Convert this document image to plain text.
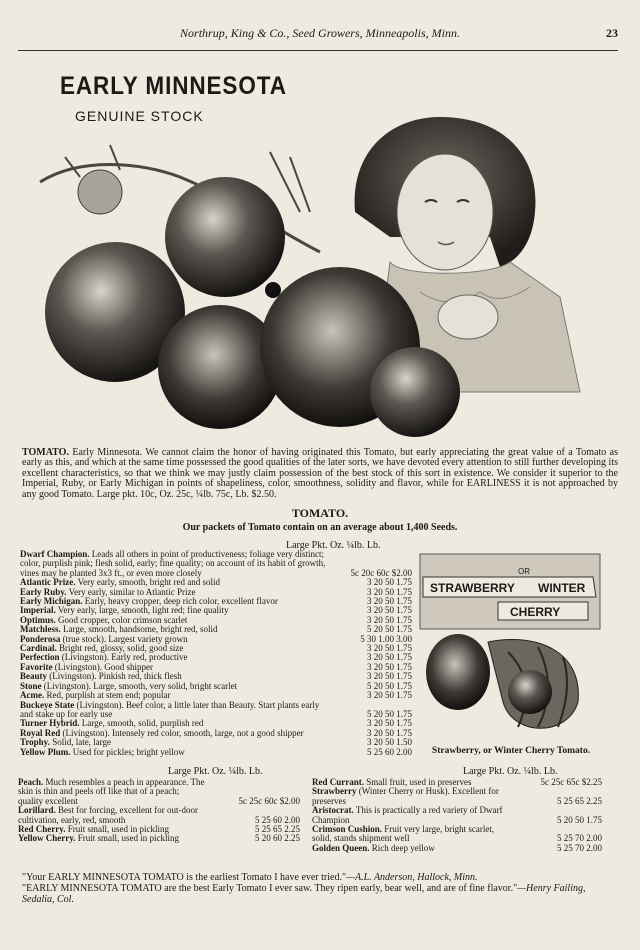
Northrup, King & Co., Seed Growers, Minneapolis, Minn.	23
EARLY MINNESOTA
GENUINE STOCK
TOMATO. Early Minnesota. We cannot claim the honor of having originated this Tomato, but early appreciating the great value of a Tomato as early as this, and which at the same time possessed the good qualities of the later sorts, we have devoted every attention to still further developing its excellent characteristics, so that we think we may justly claim possession of the best stock of this sort in existence. We consider it superior to the Imperial, Ruby, or Early Michigan in points of shapeliness, color, smoothness, solidity and flavor, while for EARLINESS it is not approached by any good Tomato. Large pkt. 10c, Oz. 25c, ¼lb. 75c, Lb. $2.50.
TOMATO.
Our packets of Tomato contain on an average about 1,400 Seeds.
Large Pkt. Oz. ¼lb. Lb.
Dwarf Champion. Leads all others in point of productiveness; foliage very distinct; color, purplish pink; flesh solid, early; fine quality; on account of its habit of growth, vines may be planted 3x3 ft., or even more closely	5c 20c 60c $2.00
Atlantic Prize. Very early, smooth, bright red and solid	3 20 50 1.75
Early Ruby. Very early, similar to Atlantic Prize	3 20 50 1.75
Early Michigan. Early, heavy cropper, deep rich color, excellent flavor	3 20 50 1.75
Imperial. Very early, large, smooth, light red; fine quality	3 20 50 1.75
Optimus. Good cropper, color crimson scarlet	3 20 50 1.75
Matchless. Large, smooth, handsome, bright red, solid	5 20 50 1.75
Ponderosa (true stock). Largest variety grown	5 30 1.00 3.00
Cardinal. Bright red, glossy, solid, good size	3 20 50 1.75
Perfection (Livingston). Early red, productive	3 20 50 1.75
Favorite (Livingston). Good shipper	3 20 50 1.75
Beauty (Livingston). Pinkish red, thick flesh	3 20 50 1.75
Stone (Livingston). Large, smooth, very solid, bright scarlet	5 20 50 1.75
Acme. Red, purplish at stem end; popular	3 20 50 1.75
Buckeye State (Livingston). Beef color, a little later than Beauty. Start plants early and stake up for early use	5 20 50 1.75
Turner Hybrid. Large, smooth, solid, purplish red	3 20 50 1.75
Royal Red (Livingston). Intensely red color, smooth, large, not a good shipper	3 20 50 1.75
Trophy. Solid, late, large	3 20 50 1.50
Yellow Plum. Used for pickles; bright yellow	5 25 60 2.00
STRAWBERRY
OR
WINTER
CHERRY
Strawberry, or Winter Cherry Tomato.
Large Pkt. Oz. ¼lb. Lb.	Large Pkt. Oz. ¼lb. Lb.
Peach. Much resembles a peach in appearance. The skin is thin and peels off like that of a peach; quality excellent	5c 25c 60c $2.00
Lorillard. Best for forcing, excellent for out-door cultivation, early, red, smooth	5 25 60 2.00
Red Cherry. Fruit small, used in pickling	5 25 65 2.25
Yellow Cherry. Fruit small, used in pickling	5 20 60 2.25
Red Currant. Small fruit, used in preserves	5c 25c 65c $2.25
Strawberry (Winter Cherry or Husk). Excellent for preserves	5 25 65 2.25
Aristocrat. This is practically a red variety of Dwarf Champion	5 20 50 1.75
Crimson Cushion. Fruit very large, bright scarlet, solid, stands shipment well	5 25 70 2.00
Golden Queen. Rich deep yellow	5 25 70 2.00
"Your EARLY MINNESOTA TOMATO is the earliest Tomato I have ever tried."—A.L. Anderson, Hallock, Minn.
"EARLY MINNESOTA TOMATO are the best Early Tomato I ever saw. They ripen early, bear well, and are of fine flavor."—Henry Failing, Sedalia, Col.
